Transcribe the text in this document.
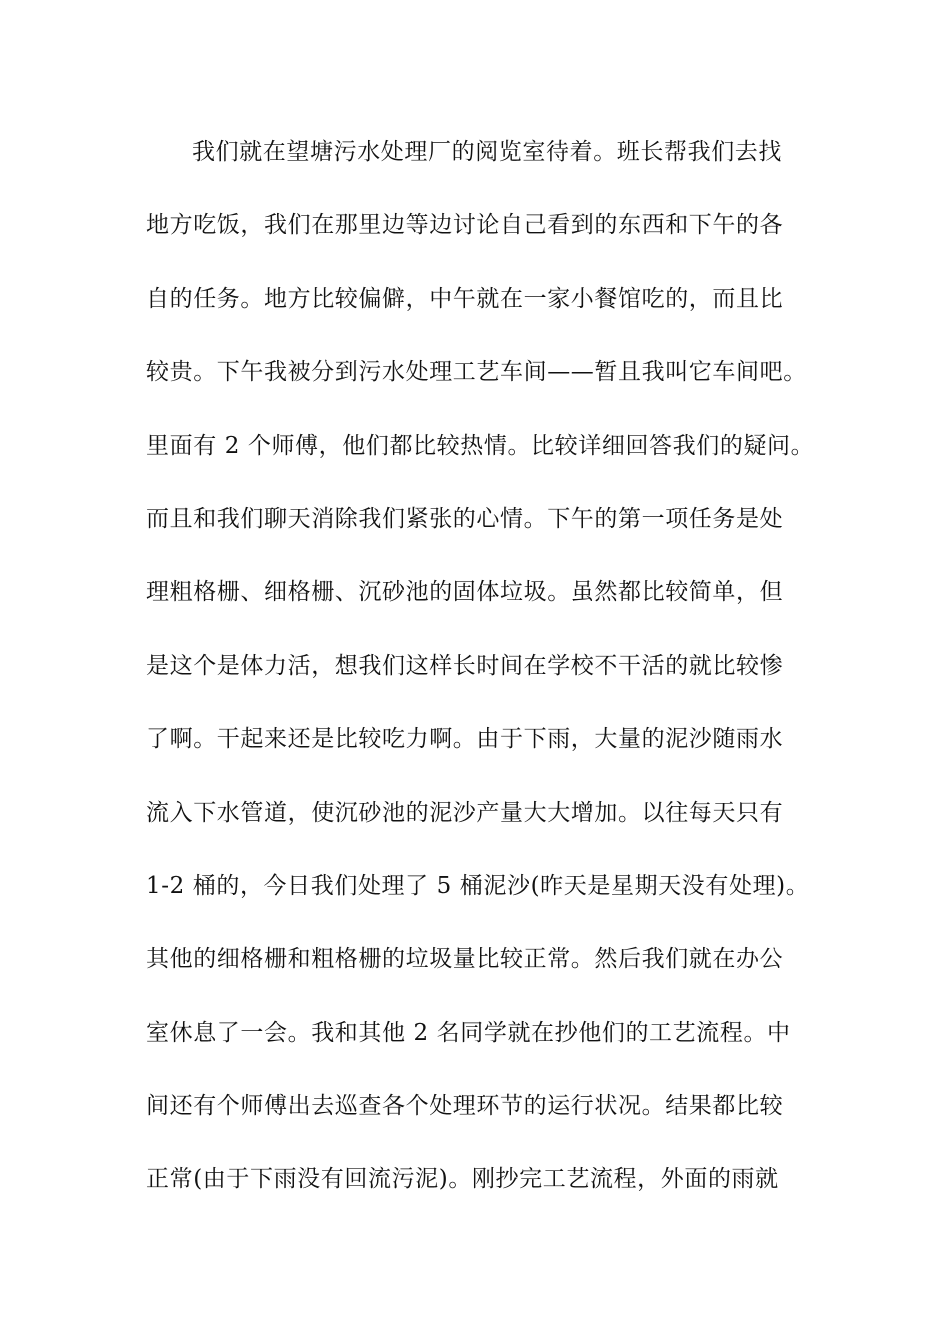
我们就在望塘污水处理厂的阅览室待着。班长帮我们去找
地方吃饭，我们在那里边等边讨论自己看到的东西和下午的各
自的任务。地方比较偏僻，中午就在一家小餐馆吃的，而且比
较贵。下午我被分到污水处理工艺车间——暂且我叫它车间吧。
里面有 2 个师傅，他们都比较热情。比较详细回答我们的疑问。
而且和我们聊天消除我们紧张的心情。下午的第一项任务是处
理粗格栅、细格栅、沉砂池的固体垃圾。虽然都比较简单，但
是这个是体力活，想我们这样长时间在学校不干活的就比较惨
了啊。干起来还是比较吃力啊。由于下雨，大量的泥沙随雨水
流入下水管道，使沉砂池的泥沙产量大大增加。以往每天只有
1-2 桶的，今日我们处理了 5 桶泥沙(昨天是星期天没有处理)。
其他的细格栅和粗格栅的垃圾量比较正常。然后我们就在办公
室休息了一会。我和其他 2 名同学就在抄他们的工艺流程。中
间还有个师傅出去巡查各个处理环节的运行状况。结果都比较
正常(由于下雨没有回流污泥)。刚抄完工艺流程，外面的雨就
